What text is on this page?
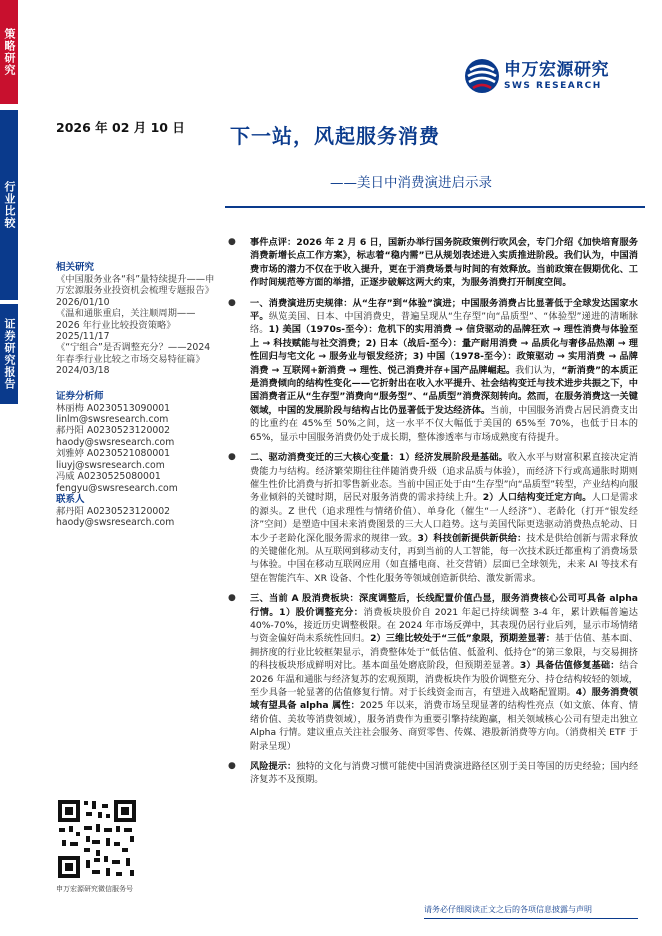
策略研究
行业比较
证券研究报告
申万宏源研究
SWS RESEARCH
2026 年 02 月 10 日 下一站，风起服务消费
——美日中消费演进启示录
相关研究
《中国服务业各“科”量特续提升——申万宏源服务业投资机会梳理专题报告》 2026/01/10
《温和通胀重启，关注顺周期——2026 年行业比较投资策略》 2025/11/17
《“宁组合”是否调整充分？——2024 年春季行业比较之市场交易特征篇》 2024/03/18
证券分析师
林丽梅 A0230513090001
linlm@swsresearch.com
郝丹阳 A0230523120002
haody@swsresearch.com
刘雅婷 A0230521080001
liuyj@swsresearch.com
冯威 A0230525080001
fengyu@swsresearch.com
联系人
郝丹阳 A0230523120002
haody@swsresearch.com
申万宏源研究微信服务号
● 事件点评：2026 年 2 月 6 日，国新办举行国务院政策例行吹风会，专门介绍《加快培育服务消费新增长点工作方案》，标志着“稳内需”已从规划表述进入实质推进阶段。我们认为，中国消费市场的潜力不仅在于收入提升，更在于消费场景与时间的有效释放。当前政策在假期优化、工作时间规范等方面的举措，正逐步破解这两大约束，为服务消费打开制度空间。
● 一、消费演进历史规律：从“生存”到“体验”演进；中国服务消费占比显著低于全球发达国家水平。纵览美国、日本、中国消费史，普遍呈现从“生存型”向“品质型”、“体验型”递进的清晰脉络。1) 美国（1970s-至今）：危机下的实用消费 → 信贷驱动的品牌狂欢 → 理性消费与体验至上 → 科技赋能与社交消费；2) 日本（战后-至今）：量产耐用消费 → 品质化与奢侈品热潮 → 理性回归与宅文化 → 服务业与银发经济；3) 中国（1978-至今）：政策驱动 → 实用消费 → 品牌消费 → 互联网+新消费 → 理性、悦己消费并存+国产品牌崛起。我们认为，“新消费”的本质正是消费倾向的结构性变化——它折射出在收入水平提升、社会结构变迁与技术进步共振之下，中国消费者正从“生存型”消费向“服务型”、“品质型”消费深刻转向。然而，在服务消费这一关键领域，中国的发展阶段与结构占比仍显著低于发达经济体。当前，中国服务消费占居民消费支出的比重约在 45%至 50%之间，这一水平不仅大幅低于美国的 65%至 70%，也低于日本的 65%，显示中国服务消费仍处于成长期，整体渗透率与市场成熟度有待提升。
● 二、驱动消费变迁的三大核心变量：1）经济发展阶段是基础。收入水平与财富积累直接决定消费能力与结构。经济繁荣期往往伴随消费升级（追求品质与体验），而经济下行或高通胀时期则催生性价比消费与折扣零售新业态。当前中国正处于由“生存型”向“品质型”转型，产业结构向服务业倾斜的关键时期，居民对服务消费的需求持续上升。2）人口结构变迁定方向。人口是需求的源头。Z 世代（追求理性与情绪价值）、单身化（催生“一人经济”）、老龄化（打开“银发经济”空间）是塑造中国未来消费图景的三大人口趋势。这与美国代际更迭驱动消费热点轮动、日本少子老龄化深化服务需求的规律一致。3）科技创新提供新供给：技术是供给创新与需求释放的关键催化剂。从互联网到移动支付，再到当前的人工智能，每一次技术跃迁都重构了消费场景与体验。中国在移动互联网应用（如直播电商、社交营销）层面已全球领先，未来 AI 等技术有望在智能汽车、XR 设备、个性化服务等领域创造新供给、激发新需求。
● 三、当前 A 股消费板块：深度调整后，长线配置价值凸显，服务消费核心公司可具备 alpha 行情。1）股价调整充分：消费板块股价自 2021 年起已持续调整 3-4 年，累计跌幅普遍达 40%-70%，接近历史调整极限。在 2024 年市场反弹中，其表现仍居行业后列，显示市场情绪与资金偏好尚未系统性回归。2）三维比较处于“三低”象限，预期差显著：基于估值、基本面、拥挤度的行业比较框架显示，消费整体处于“低估值、低盈利、低持仓”的第三象限，与交易拥挤的科技板块形成鲜明对比。基本面虽处磨底阶段，但预期差显著。3）具备估值修复基础：结合 2026 年温和通胀与经济复苏的宏观预期，消费板块作为股价调整充分、持仓结构较轻的领域，至少具备一轮显著的估值修复行情。对于长线资金而言，有望进入战略配置期。4）服务消费领域有望具备 alpha 属性：2025 年以来，消费市场呈现显著的结构性亮点（如文旅、体育、情绪价值、美妆等消费领域），服务消费作为重要引擎持续跑赢，相关领域核心公司有望走出独立 Alpha 行情。建议重点关注社会服务、商贸零售、传媒、港股新消费等方向。（消费相关 ETF 于附录呈现）
● 风险提示：独特的文化与消费习惯可能使中国消费演进路径区别于美日等国的历史经验；国内经济复苏不及预期。
请务必仔细阅读正文之后的各项信息披露与声明
